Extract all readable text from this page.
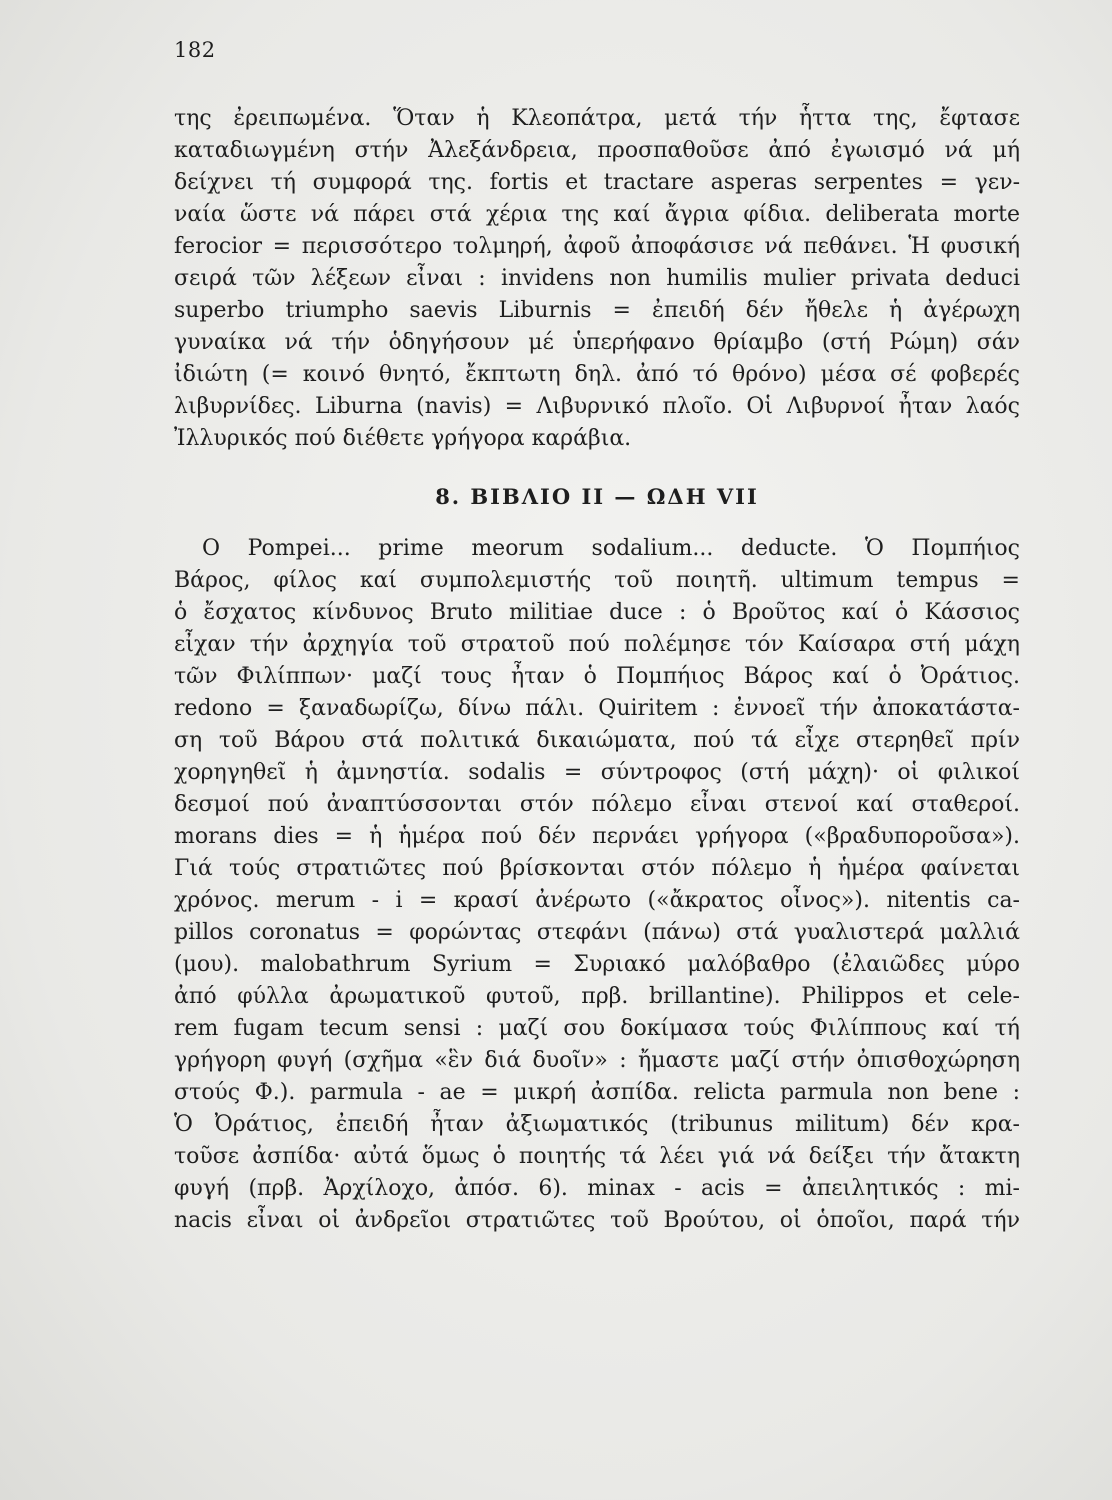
182
της ἐρειπωμένα. Ὅταν ἡ Κλεοπάτρα, μετά τήν ἧττα της, ἔφτασε
καταδιωγμένη στήν Ἀλεξάνδρεια, προσπαθοῦσε ἀπό ἐγωισμό νά μή
δείχνει τή συμφορά της. fortis et tractare asperas serpentes = γεν-
ναία ὥστε νά πάρει στά χέρια της καί ἄγρια φίδια. deliberata morte
ferocior = περισσότερο τολμηρή, ἀφοῦ ἀποφάσισε νά πεθάνει. Ἡ φυσική
σειρά τῶν λέξεων εἶναι : invidens non humilis mulier privata deduci
superbo triumpho saevis Liburnis = ἐπειδή δέν ἤθελε ἡ ἀγέρωχη
γυναίκα νά τήν ὁδηγήσουν μέ ὑπερήφανο θρίαμβο (στή Ρώμη) σάν
ἰδιώτη (= κοινό θνητό, ἔκπτωτη δηλ. ἀπό τό θρόνο) μέσα σέ φοβερές
λιβυρνίδες. Liburna (navis) = Λιβυρνικό πλοῖο. Οἱ Λιβυρνοί ἦταν λαός
Ἰλλυρικός πού διέθετε γρήγορα καράβια.
8. ΒΙΒΛΙΟ II — ΩΔΗ VII
O Pompei... prime meorum sodalium... deducte. Ὁ Πομπήιος
Βάρος, φίλος καί συμπολεμιστής τοῦ ποιητῆ. ultimum tempus =
ὁ ἔσχατος κίνδυνος Bruto militiae duce : ὁ Βροῦτος καί ὁ Κάσσιος
εἶχαν τήν ἀρχηγία τοῦ στρατοῦ πού πολέμησε τόν Καίσαρα στή μάχη
τῶν Φιλίππων· μαζί τους ἦταν ὁ Πομπήιος Βάρος καί ὁ Ὀράτιος.
redono = ξαναδωρίζω, δίνω πάλι. Quiritem : ἐννοεῖ τήν ἀποκατάστα-
ση τοῦ Βάρου στά πολιτικά δικαιώματα, πού τά εἶχε στερηθεῖ πρίν
χορηγηθεῖ ἡ ἀμνηστία. sodalis = σύντροφος (στή μάχη)· οἱ φιλικοί
δεσμοί πού ἀναπτύσσονται στόν πόλεμο εἶναι στενοί καί σταθεροί.
morans dies = ἡ ἡμέρα πού δέν περνάει γρήγορα («βραδυποροῦσα»).
Γιά τούς στρατιῶτες πού βρίσκονται στόν πόλεμο ἡ ἡμέρα φαίνεται
χρόνος. merum - i = κρασί ἀνέρωτο («ἄκρατος οἶνος»). nitentis ca-
pillos coronatus = φορώντας στεφάνι (πάνω) στά γυαλιστερά μαλλιά
(μου). malobathrum Syrium = Συριακό μαλόβαθρο (ἐλαιῶδες μύρο
ἀπό φύλλα ἀρωματικοῦ φυτοῦ, πρβ. brillantine). Philippos et cele-
rem fugam tecum sensi : μαζί σου δοκίμασα τούς Φιλίππους καί τή
γρήγορη φυγή (σχῆμα «ἓν διά δυοῖν» : ἤμαστε μαζί στήν ὀπισθοχώρηση
στούς Φ.). parmula - ae = μικρή ἀσπίδα. relicta parmula non bene :
Ὁ Ὀράτιος, ἐπειδή ἦταν ἀξιωματικός (tribunus militum) δέν κρα-
τοῦσε ἀσπίδα· αὐτά ὅμως ὁ ποιητής τά λέει γιά νά δείξει τήν ἄτακτη
φυγή (πρβ. Ἀρχίλοχο, ἀπόσ. 6). minax - acis = ἀπειλητικός : mi-
nacis εἶναι οἱ ἀνδρεῖοι στρατιῶτες τοῦ Βρούτου, οἱ ὁποῖοι, παρά τήν
